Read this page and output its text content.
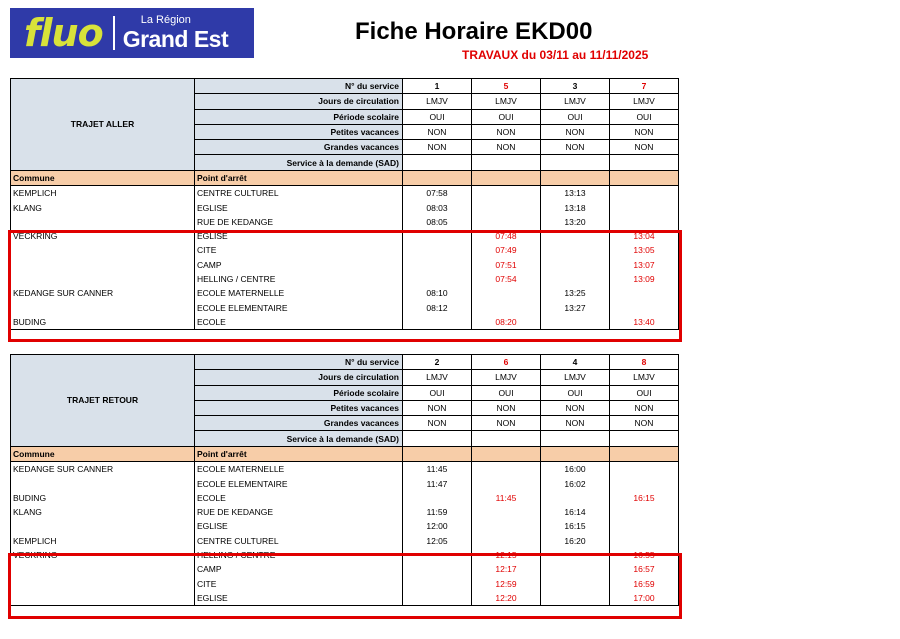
fluo	La Région
Grand Est	Fiche Horaire EKD00
TRAVAUX du 03/11 au 11/11/2025
TRAJET ALLER	N° du service	1	5	3	7
	Jours de circulation	LMJV	LMJV	LMJV	LMJV
	Période scolaire	OUI	OUI	OUI	OUI
	Petites vacances	NON	NON	NON	NON
	Grandes vacances	NON	NON	NON	NON
	Service à la demande (SAD)				
Commune	Point d'arrêt				
KEMPLICH	CENTRE CULTUREL	07:58		13:13	
KLANG	EGLISE	08:03		13:18	
	RUE DE KEDANGE	08:05		13:20	
VECKRING	EGLISE		07:48		13:04
	CITE		07:49		13:05
	CAMP		07:51		13:07
	HELLING / CENTRE		07:54		13:09
KEDANGE SUR CANNER	ECOLE MATERNELLE	08:10		13:25	
	ECOLE ELEMENTAIRE	08:12		13:27	
BUDING	ECOLE		08:20		13:40
TRAJET RETOUR	N° du service	2	6	4	8
	Jours de circulation	LMJV	LMJV	LMJV	LMJV
	Période scolaire	OUI	OUI	OUI	OUI
	Petites vacances	NON	NON	NON	NON
	Grandes vacances	NON	NON	NON	NON
	Service à la demande (SAD)				
Commune	Point d'arrêt				
KEDANGE SUR CANNER	ECOLE MATERNELLE	11:45		16:00	
	ECOLE ELEMENTAIRE	11:47		16:02	
BUDING	ECOLE		11:45		16:15
KLANG	RUE DE KEDANGE	11:59		16:14	
	EGLISE	12:00		16:15	
KEMPLICH	CENTRE CULTUREL	12:05		16:20	
VECKRING	HELLING / CENTRE		12:15		16:55
	CAMP		12:17		16:57
	CITE		12:59		16:59
	EGLISE		12:20		17:00
